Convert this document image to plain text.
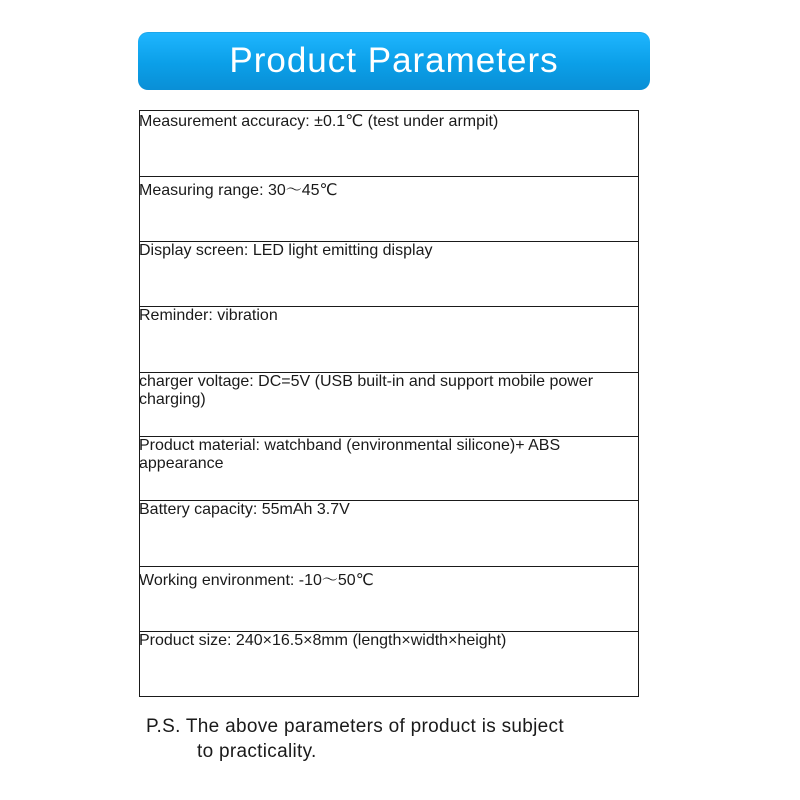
Product Parameters
Measurement accuracy: ±0.1℃ (test under armpit)
Measuring range: 30～45℃
Display screen: LED light emitting display
Reminder: vibration
charger voltage: DC=5V (USB built-in and support mobile power charging)
Product material: watchband (environmental silicone)+ ABS appearance
Battery capacity: 55mAh 3.7V
Working environment: -10～50℃
Product size: 240×16.5×8mm (length×width×height)
P.S. The above parameters of product is subject
to practicality.
